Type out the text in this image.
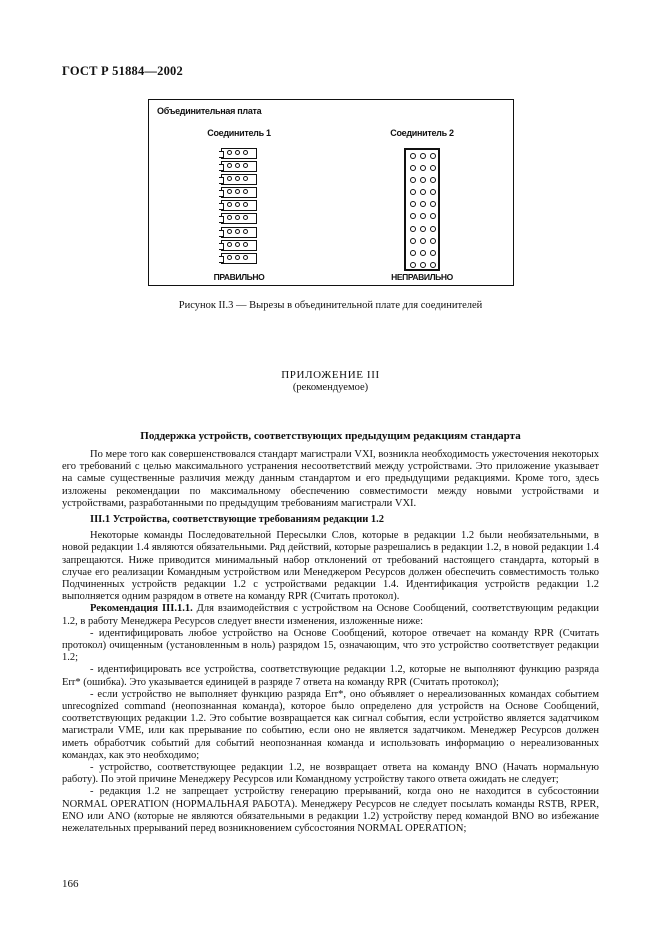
ГОСТ Р 51884—2002
Объединительная плата
Соединитель 1	Соединитель 2
ПРАВИЛЬНО	НЕПРАВИЛЬНО
Рисунок II.3 — Вырезы в объединительной плате для соединителей
ПРИЛОЖЕНИЕ III
(рекомендуемое)
Поддержка устройств, соответствующих предыдущим редакциям стандарта

По мере того как совершенствовался стандарт магистрали VXI, возникла необходимость ужесточения некоторых его требований с целью максимального устранения несоответствий между устройствами. Это приложение указывает на самые существенные различия между данным стандартом и его предыдущими редакциями. Кроме того, здесь изложены рекомендации по максимальному обеспечению совместимости между новыми устройствами и устройствами, разработанными по предыдущим требованиям магистрали VXI.

III.1 Устройства, соответствующие требованиям редакции 1.2

Некоторые команды Последовательной Пересылки Слов, которые в редакции 1.2 были необязательными, в новой редакции 1.4 являются обязательными. Ряд действий, которые разрешались в редакции 1.2, в новой редакции 1.4 запрещаются. Ниже приводится минимальный набор отклонений от требований настоящего стандарта, который в случае его реализации Командным устройством или Менеджером Ресурсов должен обеспечить совместимость только Подчиненных устройств редакции 1.2 с устройствами редакции 1.4. Идентификация устройств редакции 1.2 выполняется одним разрядом в ответе на команду RPR (Считать протокол).

Рекомендация III.1.1. Для взаимодействия с устройством на Основе Сообщений, соответствующим редакции 1.2, в работу Менеджера Ресурсов следует внести изменения, изложенные ниже:

- идентифицировать любое устройство на Основе Сообщений, которое отвечает на команду RPR (Считать протокол) очищенным (установленным в ноль) разрядом 15, означающим, что это устройство соответствует редакции 1.2;

- идентифицировать все устройства, соответствующие редакции 1.2, которые не выполняют функцию разряда Err* (ошибка). Это указывается единицей в разряде 7 ответа на команду RPR (Считать протокол);

- если устройство не выполняет функцию разряда Err*, оно объявляет о нереализованных командах событием unrecognized command (неопознанная команда), которое было определено для устройств на Основе Сообщений, соответствующих редакции 1.2. Это событие возвращается как сигнал события, если устройство является задатчиком магистрали VME, или как прерывание по событию, если оно не является задатчиком. Менеджер Ресурсов должен иметь обработчик событий для событий неопознанная команда и использовать информацию о нереализованных командах, как это необходимо;

- устройство, соответствующее редакции 1.2, не возвращает ответа на команду BNO (Начать нормальную работу). По этой причине Менеджеру Ресурсов или Командному устройству такого ответа ожидать не следует;

- редакция 1.2 не запрещает устройству генерацию прерываний, когда оно не находится в субсостоянии NORMAL OPERATION (НОРМАЛЬНАЯ РАБОТА). Менеджеру Ресурсов не следует посылать команды RSTB, RPER, ENO или ANO (которые не являются обязательными в редакции 1.2) устройству перед командой BNO во избежание нежелательных прерываний перед возникновением субсостояния NORMAL OPERATION;

166
